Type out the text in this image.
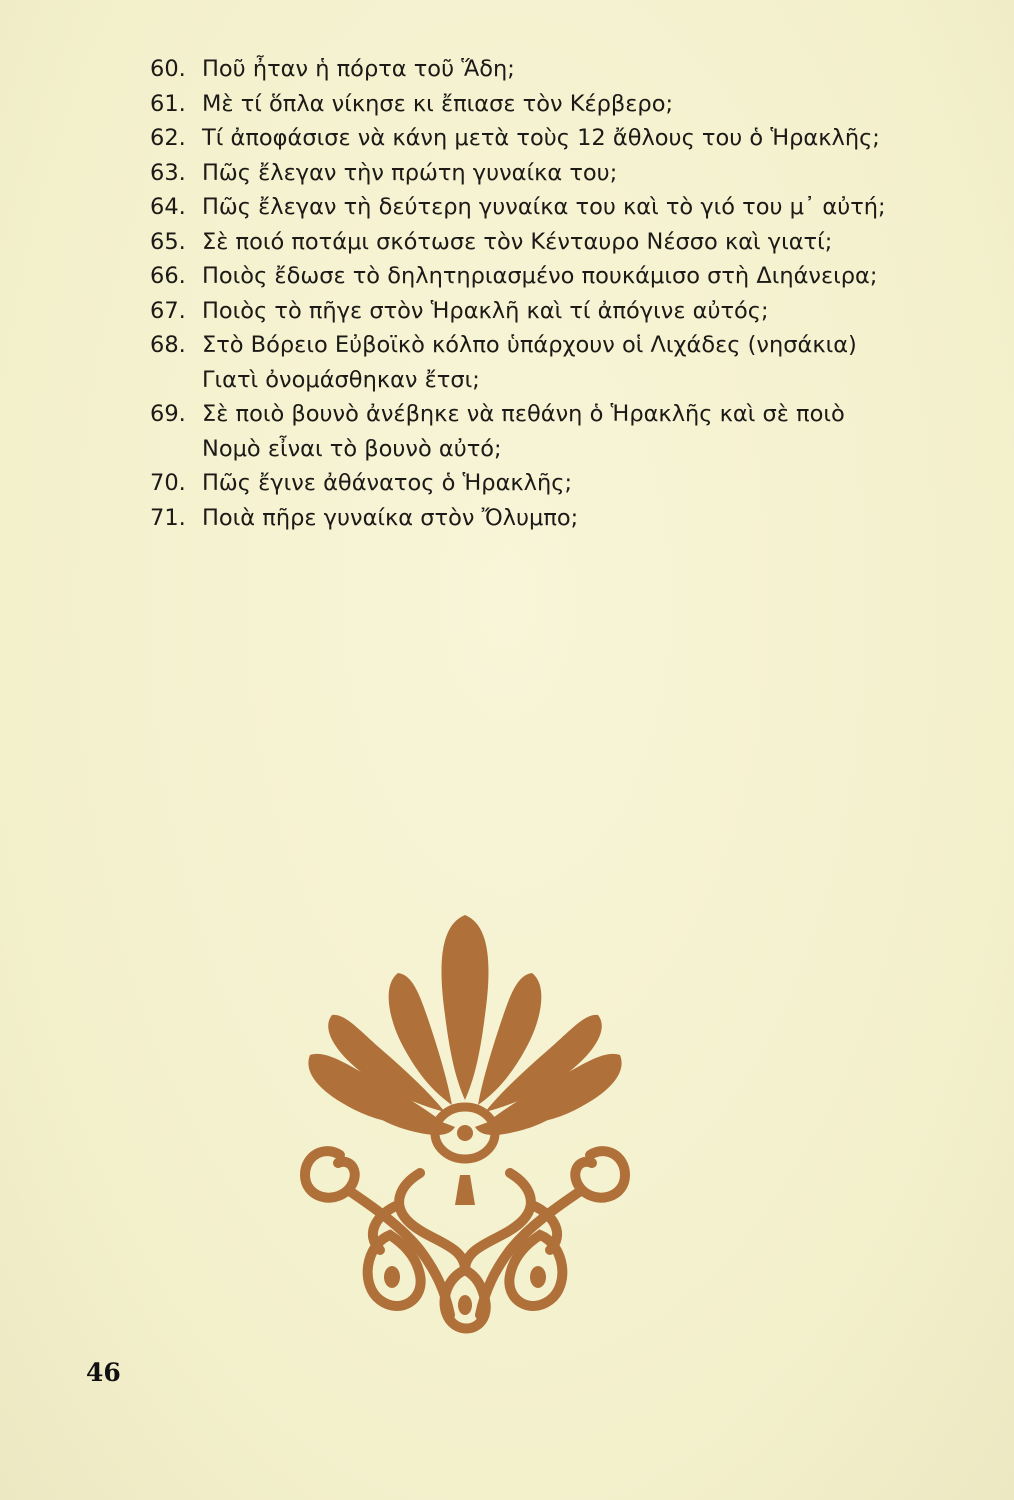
60. Ποῦ ἦταν ἡ πόρτα τοῦ Ἅδη;
61. Μὲ τί ὅπλα νίκησε κι ἔπιασε τὸν Κέρβερο;
62. Τί ἀποφάσισε νὰ κάνη μετὰ τοὺς 12 ἄθλους του ὁ Ἡρακλῆς;
63. Πῶς ἔλεγαν τὴν πρώτη γυναίκα του;
64. Πῶς ἔλεγαν τὴ δεύτερη γυναίκα του καὶ τὸ γιό του μ᾽ αὐτή;
65. Σὲ ποιό ποτάμι σκότωσε τὸν Κένταυρο Νέσσο καὶ γιατί;
66. Ποιὸς ἔδωσε τὸ δηλητηριασμένο πουκάμισο στὴ Διηάνειρα;
67. Ποιὸς τὸ πῆγε στὸν Ἡρακλῆ καὶ τί ἀπόγινε αὐτός;
68. Στὸ Βόρειο Εὐβοϊκὸ κόλπο ὑπάρχουν οἱ Λιχάδες (νησάκια)
Γιατὶ ὀνομάσθηκαν ἔτσι;
69. Σὲ ποιὸ βουνὸ ἀνέβηκε νὰ πεθάνη ὁ Ἡρακλῆς καὶ σὲ ποιὸ
Νομὸ εἶναι τὸ βουνὸ αὐτό;
70. Πῶς ἔγινε ἀθάνατος ὁ Ἡρακλῆς;
71. Ποιὰ πῆρε γυναίκα στὸν Ὄλυμπο;
46
